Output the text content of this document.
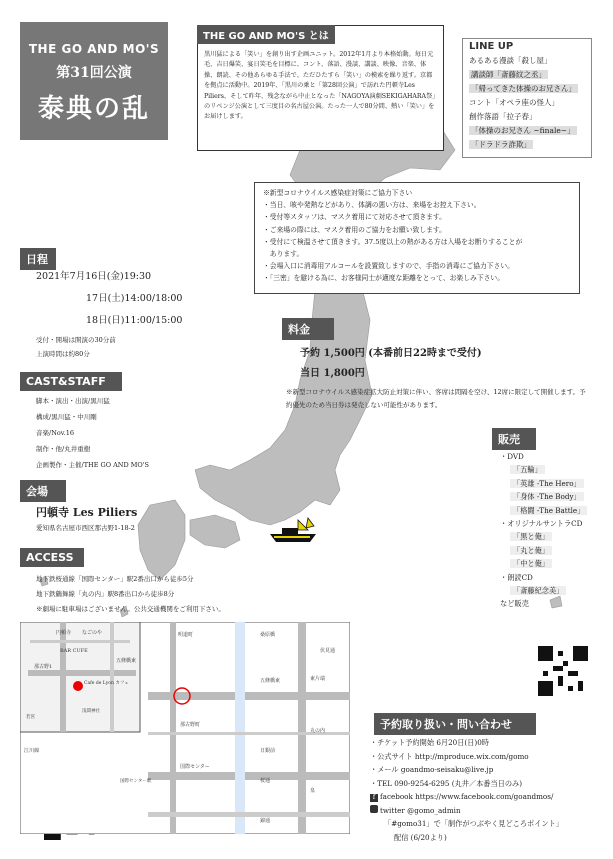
THE GO AND MO'S
第31回公演
泰典の乱
THE GO AND MO'S とは
黒川猛による「笑い」を創り出す企画ユニット。2012年1月より本格始動。毎日元毛、吉日爆笑、宴日笑毛を目標に、コント、落語、漫談、講談、映像、音楽、体操、朗読、その他あらゆる手法で、ただひたすら「笑い」の模索を繰り返す。京都を拠点に活動中。2019年、「黒川の乗と「第28回公演」で訪れた円頓寺Les Piliers、そして昨年、残念ながら中止となった「NAGOYA演劇SEKIGAHARA祭」のリベンジ公演として三度目の名古屋公演。たった一人で80分間、熱い「笑い」をお届けします。
LINE UP
あるある漫談「殺し屋」
講談師「斎藤紋之丞」
「帰ってきた体操のお兄さん」
コント「オペラ座の怪人」
創作落語「拉子春」
「体操のお兄さん ~finale~」
「ドラドラ詐欺」
※新型コロナウイルス感染症対策にご協力下さい
・当日、咳や発熱などがあり、体調の悪い方は、来場をお控え下さい。
・受付等スタッフは、マスク着用にて対応させて頂きます。
・ご来場の際には、マスク着用のご協力をお願い致します。
・受付にて検温させて頂きます。37.5度以上の熱がある方は入場をお断りすることが
　あります。
・会場入口に消毒用アルコールを設置致しますので、手指の消毒にご協力下さい。
・「三密」を避ける為に、お客様同士が適度な距離をとって、お楽しみ下さい。
日程
2021年7月16日(金)19:30
17日(土)14:00/18:00
18日(日)11:00/15:00
受付・開場は開演の30分前
上演時間は約80分
CAST&STAFF
脚本・演出・出演/黒川猛
構成/黒川猛・中川剛
音楽/Nov.16
制作・他/丸井重樹
企画製作・主催/THE GO AND MO'S
会場
円頓寺 Les Piliers
愛知県名古屋市西区那古野1-18-2
ACCESS
地下鉄桜通線「国際センター」駅2番出口から徒歩5分
地下鉄鶴舞線「丸の内」駅8番出口から徒歩8分
※劇場に駐車場はございません。公共交通機関をご利用下さい。
料金
予約 1,500円 (本番前日22時まで受付)
当日 1,800円
※新型コロナウイルス感染症拡大防止対策に伴い、客席は間隔を空け、12席に限定して開催します。予約優先のため当日券は発売しない可能性があります。
販売
・DVD
「五輪」
「英雄 -The Hero」
「身体 -The Body」
「格闘 -The Battle」
・オリジナルサントラCD
「黒と俺」
「丸と俺」
「中と俺」
・朗読CD
「斎藤紀念美」
など販売
円頓寺 なごのや
BAR CUFE
那古野1
五條橋東
Cafe de Lyon カフェ
浅間神社
若宮
明道町	桑原橋
那古野町
国際センター
東片端
丸の内
泉
日銀前
桜通
伏見通
錦通
国際センター駅
五條橋東
江川線
予約取り扱い・問い合わせ
・チケット予約開始 6月20日(日)0時
・公式サイト http://mproduce.wix.com/gomo
・メール goandmo-seisaku@live.jp
・TEL 090-9254-6295 (丸井／本番当日のみ)
f facebook https://www.facebook.com/goandmos/
twitter @gomo_admin
「#gomo31」で「制作がつぶやく見どころポイント」
配信 (6/20より)
